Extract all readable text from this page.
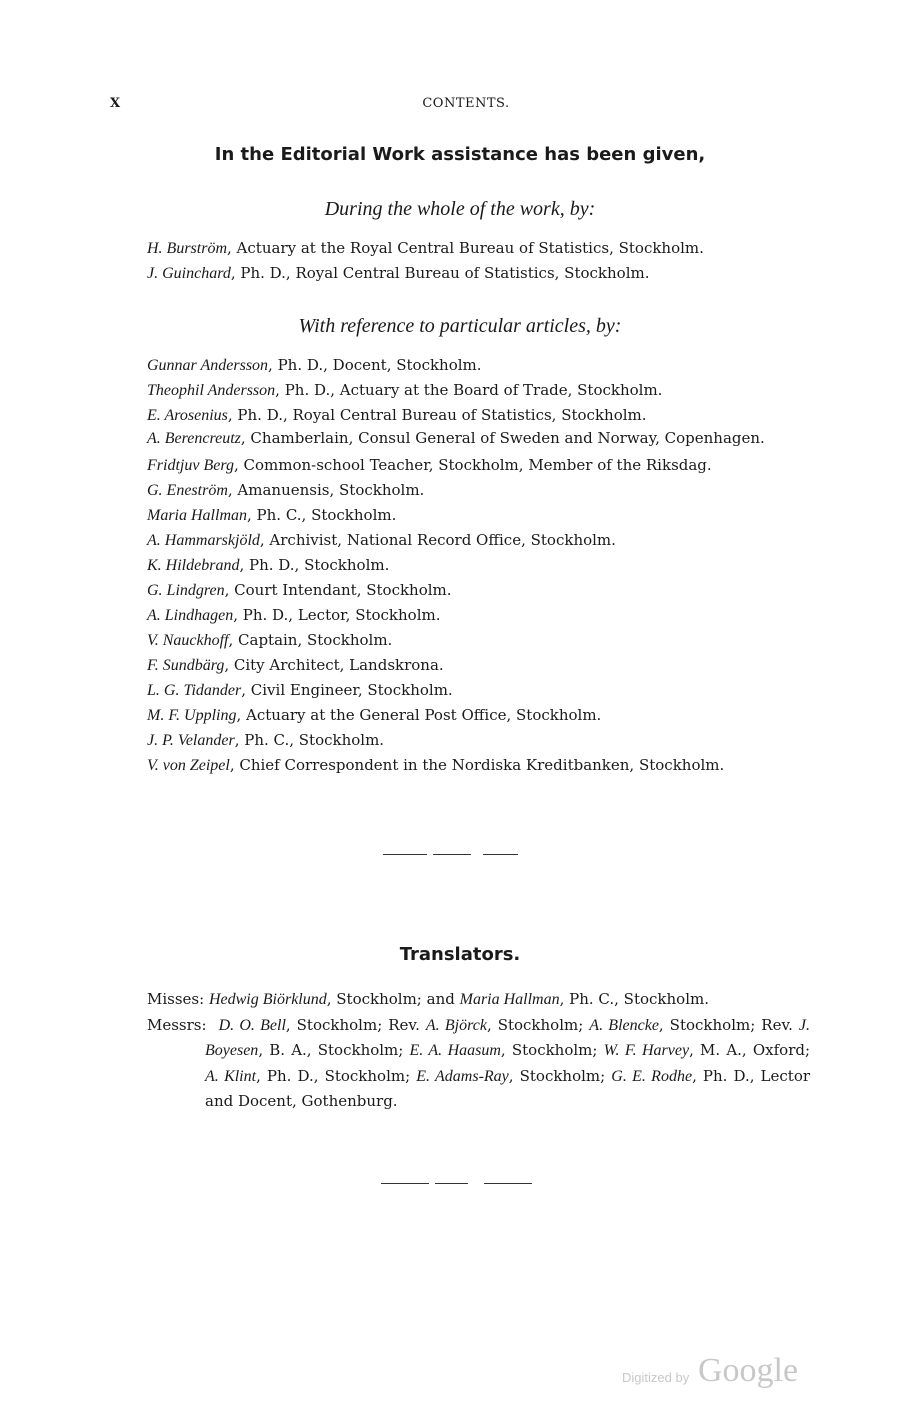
X	CONTENTS.
In the Editorial Work assistance has been given,
During the whole of the work, by:
H. Burström, Actuary at the Royal Central Bureau of Statistics, Stockholm.
J. Guinchard, Ph. D., Royal Central Bureau of Statistics, Stockholm.
With reference to particular articles, by:
Gunnar Andersson, Ph. D., Docent, Stockholm.
Theophil Andersson, Ph. D., Actuary at the Board of Trade, Stockholm.
E. Arosenius, Ph. D., Royal Central Bureau of Statistics, Stockholm.
A. Berencreutz, Chamberlain, Consul General of Sweden and Norway, Copenhagen.
Fridtjuv Berg, Common-school Teacher, Stockholm, Member of the Riksdag.
G. Eneström, Amanuensis, Stockholm.
Maria Hallman, Ph. C., Stockholm.
A. Hammarskjöld, Archivist, National Record Office, Stockholm.
K. Hildebrand, Ph. D., Stockholm.
G. Lindgren, Court Intendant, Stockholm.
A. Lindhagen, Ph. D., Lector, Stockholm.
V. Nauckhoff, Captain, Stockholm.
F. Sundbärg, City Architect, Landskrona.
L. G. Tidander, Civil Engineer, Stockholm.
M. F. Uppling, Actuary at the General Post Office, Stockholm.
J. P. Velander, Ph. C., Stockholm.
V. von Zeipel, Chief Correspondent in the Nordiska Kreditbanken, Stockholm.
Translators.
Misses: Hedwig Biörklund, Stockholm; and Maria Hallman, Ph. C., Stockholm.
Messrs: D. O. Bell, Stockholm; Rev. A. Björck, Stockholm; A. Blencke, Stockholm; Rev. J. Boyesen, B. A., Stockholm; E. A. Haasum, Stockholm; W. F. Harvey, M. A., Oxford; A. Klint, Ph. D., Stockholm; E. Adams-Ray, Stockholm; G. E. Rodhe, Ph. D., Lector and Docent, Gothenburg.
Digitized by Google
